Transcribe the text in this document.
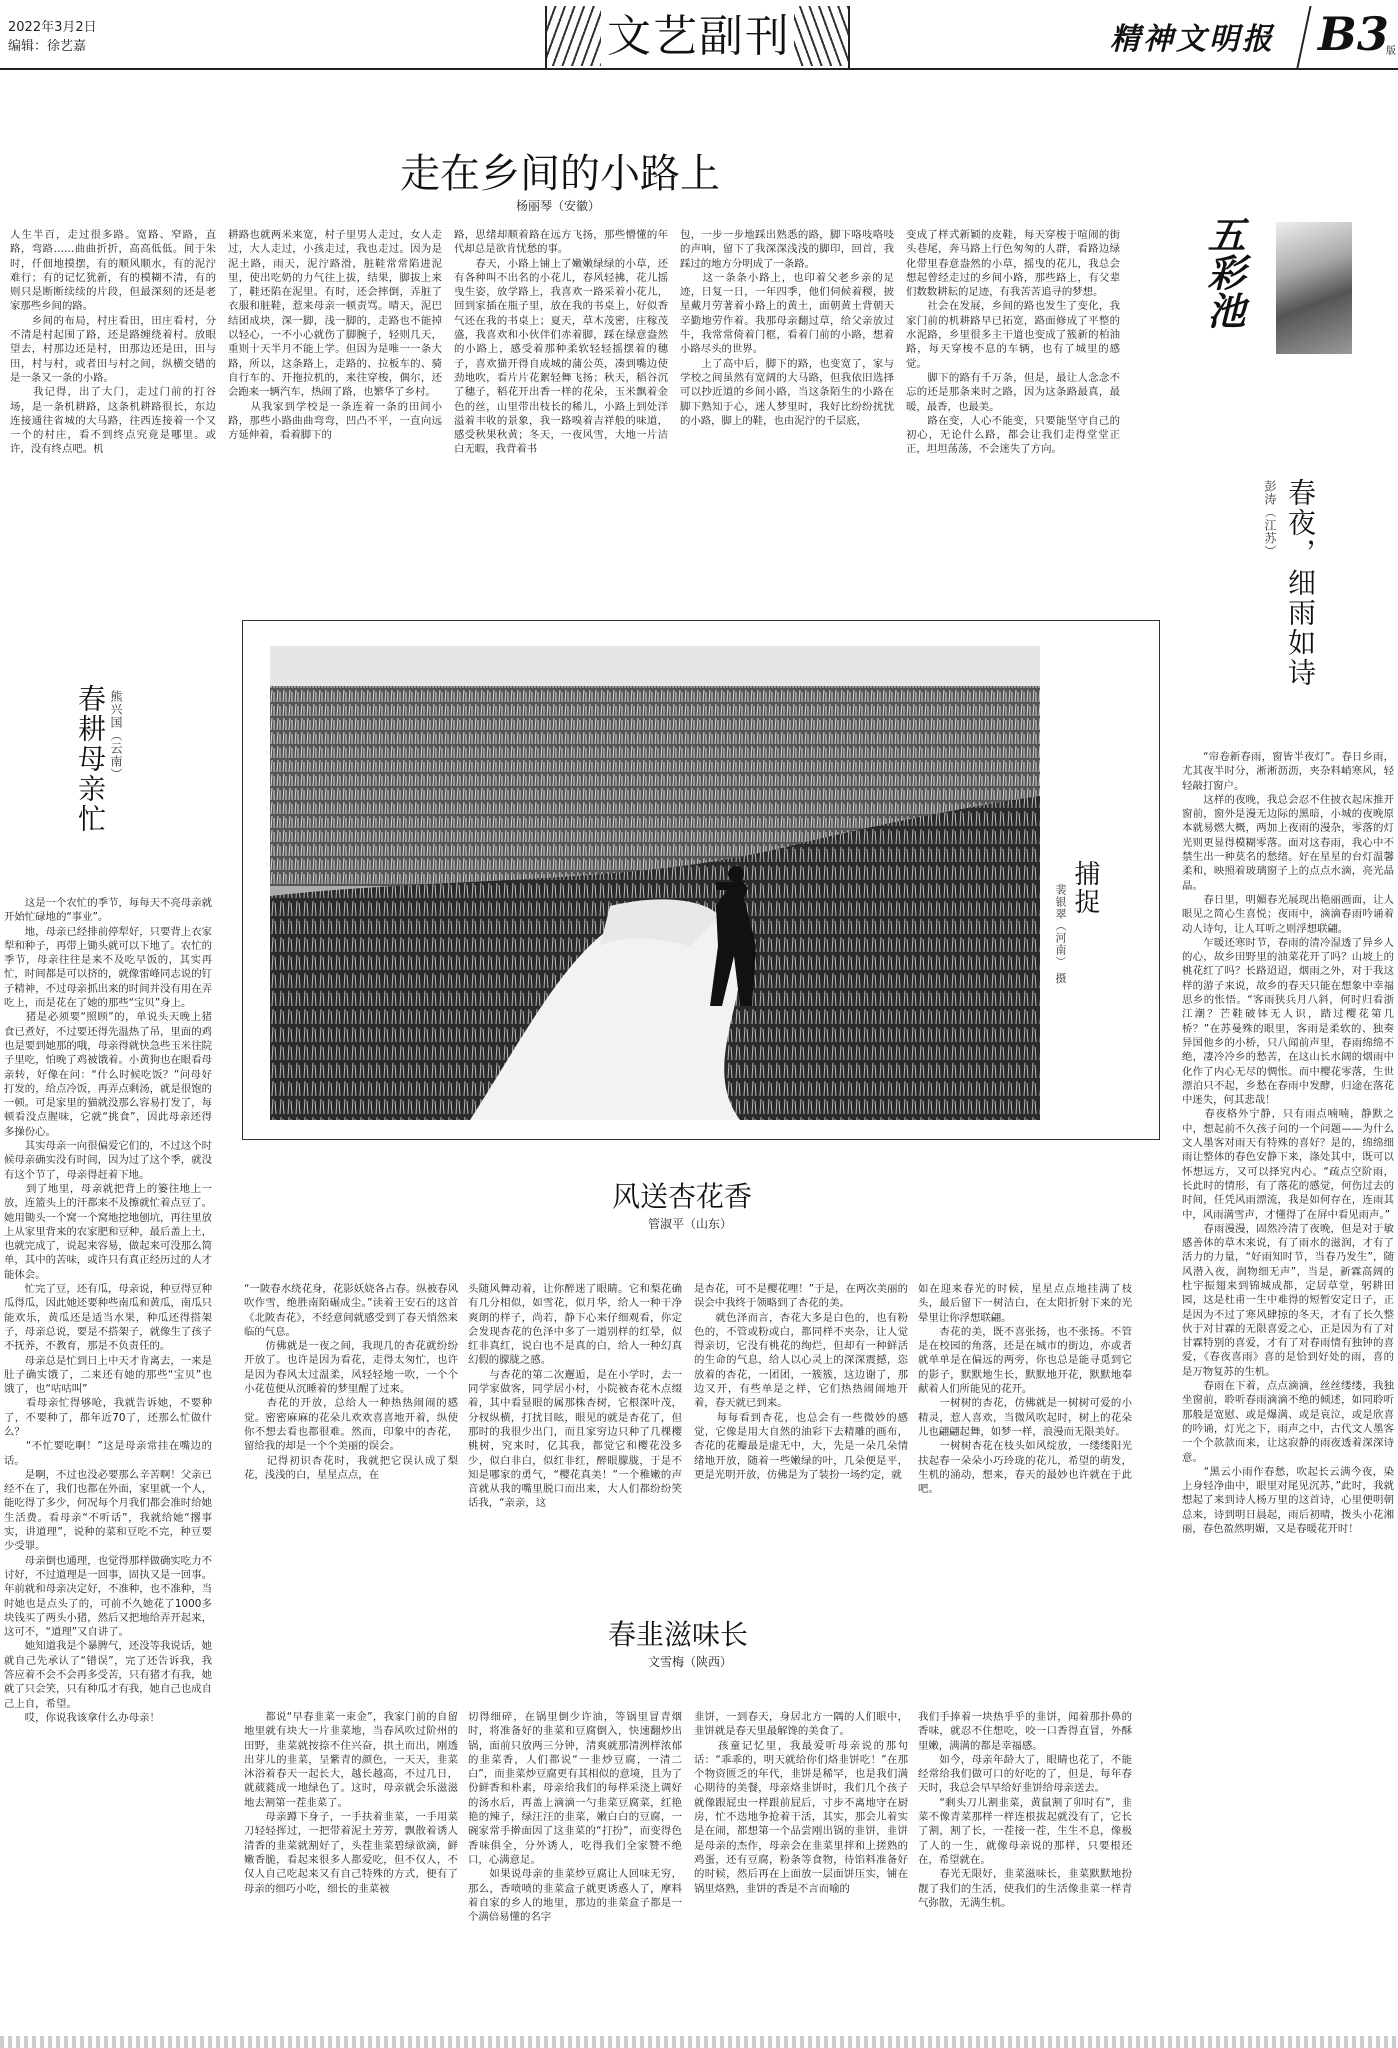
2022年3月2日
编辑：徐艺嘉	文艺副刊	精神文明报 B3
版
走在乡间的小路上
杨丽琴（安徽）
人生半百，走过很多路。宽路、窄路，直路，弯路……曲曲折折，高高低低。间于朱时，仟佃地摸摆，有的顺风顺水，有的泥泞难行；有的记忆犹新，有的模糊不清，有的则只是断断续续的片段，但最深刻的还是老家那些乡间的路。
　　乡间的布局，村庄看田，田庄看村，分不清是村起围了路，还是路缠绕着村。放眼望去，村那边还是村，田那边还是田，田与田，村与村，或者田与村之间，纵横交错的是一条又一条的小路。
　　我记得，出了大门，走过门前的打谷场，是一条机耕路，这条机耕路很长，东边连接通往省城的大马路，往西连接着一个又一个的村庄，看不到终点究竟是哪里。或许，没有终点吧。机
耕路也就两米来宽，村子里男人走过，女人走过，大人走过，小孩走过，我也走过。因为是泥土路，雨天，泥泞路滑，脏鞋常常陷进泥里，使出吃奶的力气往上拔，结果，脚拔上来了，鞋还陷在泥里。有时，还会摔倒，弄脏了衣服和脏鞋，惹来母亲一顿责骂。晴天，泥巴结团成块，深一脚，浅一脚的，走路也不能掉以轻心，一不小心就伤了脚腕子，轻则几天，重则十天半月不能上学。但因为是唯一一条大路，所以，这条路上，走路的、拉板车的、骑自行车的、开拖拉机的，来往穿梭，偶尔，还会跑来一辆汽车，热闹了路，也繁华了乡村。
　　从我家到学校是一条连着一条的田间小路，那些小路曲曲弯弯，凹凸不平，一直向远方延伸着，看着脚下的
路，思绪却顺着路在远方飞扬，那些懵懂的年代却总是欲肯忧愁的事。
　　春天，小路上铺上了嫩嫩绿绿的小草，还有各种叫不出名的小花儿，春风轻拂，花儿摇曳生姿，放学路上，我喜欢一路采着小花儿，回到家插在瓶子里，放在我的书桌上，好似香气还在我的书桌上；夏天，草木茂密，庄稼茂盛，我喜欢和小伙伴们赤着脚，踩在绿意盎然的小路上，感受着那种柔软轻轻摇摆着的穗子，喜欢猫开得自成城的蒲公英，凑到嘴边使劲地吹，看片片花絮轻舞飞扬；秋天，稻谷沉了穗子，稻花开出香一样的花朵，玉米飘着金色的丝，山里带出枝长的稀儿，小路上到处洋溢着丰收的景象，我一路嗅着吉祥般的味道，感受秋果秋黄；冬天，一夜风雪，大地一片洁白无暇，我背着书
包，一步一步地踩出熟悉的路，脚下咯吱咯吱的声响，留下了我深深浅浅的脚印，回首，我踩过的地方分明成了一条路。
　　这一条条小路上，也印着父老乡亲的足迹，日复一日，一年四季，他们伺候着稷，披星戴月劳著着小路上的黄土，面朝黄土背朝天辛勤地劳作着。我那母亲翻过草，给父亲放过牛，我常常倚着门框，看着门前的小路，想着小路尽头的世界。
　　上了高中后，脚下的路，也变宽了，家与学校之间虽然有宽阔的大马路，但我依旧选择可以抄近道的乡间小路，当这条陌生的小路在脚下熟知于心，迷人梦里时，我好比纷纷扰扰的小路，脚上的鞋，也由泥泞的千层底，
变成了样式新颖的皮鞋，每天穿梭于喧闹的街头巷尾，奔马路上行色匆匆的人群，看路边绿化带里春意盎然的小草，摇曳的花儿，我总会想起曾经走过的乡间小路，那些路上，有父辈们数数耕耘的足迹，有我苦苦追寻的梦想。
　　社会在发展，乡间的路也发生了变化，我家门前的机耕路早已拓宽，路面修成了平整的水泥路，乡里很多主干道也变成了簇新的柏油路，每天穿梭不息的车辆，也有了城里的感觉。
　　脚下的路有千万条，但是，最让人念念不忘的还是那条来时之路，因为这条路最真，最暖，最香，也最美。
　　路在变，人心不能变，只要能坚守自己的初心，无论什么路，都会让我们走得堂堂正正，坦坦荡荡，不会迷失了方向。
五彩池
春夜，细雨如诗
彭涛（江苏）
　　“帘卷新春雨，窗皆半夜灯”。春日乡雨，尤其夜半时分，淅淅沥沥，夹杂料峭寒风，轻轻敲打窗户。
　　这样的夜晚，我总会忍不住披衣起床推开窗前，窗外是漫无边际的黑暗，小城的夜晚原本就易燃大概，两加上夜雨的漫杂，零落的灯光则更显得模糊零落。面对这春雨，我心中不禁生出一种莫名的愁绪。好在星星的台灯温馨柔和，映照着玻璃窗子上的点点水滴，亮光晶晶。
　　春日里，明媚春光展现出艳丽画面，让人眼见之简心生喜悦；夜雨中，滴滴春雨吟诵着动人诗句，让人耳听之则浮想联翩。
　　乍暖还寒时节，春雨的清冷湿透了异乡人的心，故乡田野里的油菜花开了吗？山坡上的桃花红了吗？长路迢迢，烟雨之外，对于我这样的游子来说，故乡的春天只能在想象中幸福思乡的怅悟。“客雨狭兵月八斜，何时归看浙江潮？芒鞋破钵无人识，踏过樱花第几桥？”在苏曼殊的眼里，客雨是柔软的、独奏异国他乡的小桥，只八闻前声里，春雨绵绵不绝，凄冷冷乡的愁苦，在这山长水阔的烟雨中化作了内心无尽的惆怅。而中樱花零落，生世漂泊只不起，乡愁在春雨中发酵，归途在落花中迷失，何其悲哉！
　　春夜格外宁静，只有雨点喃喃，静默之中，想起前不久孩子问的一个问题——为什么文人墨客对雨天有特殊的喜好？是的，绵绵细雨让整体的春色安静下来，涤处其中，既可以怀想远方，又可以择究内心。“疏点空阶雨，长此时的情形，有了落花的感觉，何伤过去的时间，任凭风雨漂流，我是如何存在，连雨其中，风雨满雪声，才懂得了在屏中看见雨声。”
　　春雨漫漫，固然冷清了夜晚，但是对于敏感善体的草木来说，有了雨水的滋润，才有了活力的力量，“好雨知时节，当春乃发生”，随风潜入夜，润物细无声”，当是，新霖高阔的杜宇振翅来到锦城成都，定居草堂，躬耕田园，这是杜甫一生中难得的短暂安定日子，正是因为不过了寒风肆掠的冬天，才有了长久整伙于对甘霖的无限喜爱之心，正是因为有了对甘霖特别的喜爱，才有了对春雨情有独钟的喜爱，《春夜喜雨》喜的是恰到好处的雨，喜的是万物复苏的生机。
　　春雨在下着，点点滴滴，丝丝缕缕，我独坐窗前，聆听春雨滴滴不绝的倾述，如同聆听那般是宽慰、或是爆满、或是哀泣，或是欣喜的吟诵，灯光之下，雨声之中，古代文人墨客一个个款款而来，让这寂静的雨夜透着深深诗意。
　　“黑云小雨作春愁，吹起长云满今夜，染上身轻净曲中，眼里对尾见沉苏，”此时，我就想起了来到诗人杨万里的这首诗，心里便明朝总来，诗到明日晨起，雨后初晴，拨头小花湘丽，春色盈然明媚，又是春暖花开时！
捕捉
裴银翠（河南） 摄
春耕母亲忙 熊兴国（云南）
　　这是一个农忙的季节，每每天不亮母亲就开始忙碌地的“事业”。
　　地，母亲已经排前停犁好，只要背上衣家犁和种子，再带上锄头就可以下地了。农忙的季节，母亲往往是来不及吃早饭的，其实再忙，时间都是可以挤的，就像雷峰同志说的钉子精神，不过母亲抓出来的时间并没有用在弄吃上，而是花在了她的那些“宝贝”身上。
　　猪是必须要“照顾”的，单说头天晚上猪食已煮好，不过要还得先温热了吊，里面的鸡也是要到她那的哦，母亲得就快急些玉米往院子里吃，怕晚了鸡被饿着。小黄狗也在眼看母亲转，好像在问：“什么时候吃饭？”问母好打发的，给点冷饭，再弄点剩汤，就是很饱的一顿。可是家里的猫就没那么容易打发了，每顿看没点腥味，它就“挑食”，因此母亲还得多操份心。
　　其实母亲一向很偏爱它们的，不过这个时候母亲确实没有时间，因为过了这个季，就没有这个节了，母亲得赶着下地。
　　到了地里，母亲就把背上的篓往地上一放，连篮头上的汗都来不及擦就忙着点豆了。她用锄头一个窝一个窝地挖地刨坑，再往里放上从家里背来的农家肥和豆种，最后盖上土，也就完成了，说起来容易，做起来可没那么简单，其中的苦味，或许只有真正经历过的人才能体会。
　　忙完了豆，还有瓜，母亲说，种豆得豆种瓜得瓜，因此她还要种些南瓜和黄瓜，南瓜只能欢乐，黄瓜还是适当水果，种瓜还得搭架子，母亲总说，要是不搭架子，就像生了孩子不抚养，不教育，那是不负责任的。
　　母亲总是忙到日上中天才肯离去，一来是肚子确实饿了，二来还有她的那些“宝贝”也饿了，也“咕咕叫”
　　看母亲忙得够呛，我就告诉她，不要种了，不要种了，都年近70了，还那么忙做什么？
　　“不忙要吃啊！”这是母亲常挂在嘴边的话。
　　是啊，不过也没必要那么辛苦啊！父亲已经不在了，我们也都在外面，家里就一个人，能吃得了多少，何况每个月我们都会准时给她生活费。看母亲“不听话”，我就给她“撂事实，讲道理”，说种的菜和豆吃不完，种豆要少受罪。
　　母亲倒也通理，也觉得那样做确实吃力不讨好，不过道理是一回事，固执又是一回事。年前就和母亲决定好，不准种，也不准种，当时她也是点头了的，可前不久她花了1000多块钱买了两头小猪，然后又把地给弄开起来，这可不，“道理”又自讲了。
　　她知道我是个暴脾气，还没等我说话，她就自己先承认了“错误”，完了还告诉我，我答应着不会不会再多受苦，只有猪才有我，她就了只会笑，只有种瓜才有我，她自己也成自己上自，希望。
　　哎，你说我该拿什么办母亲！
风送杏花香
管淑平（山东）
“一陂春水绕花身，花影妖娆各占春。纵被春风吹作雪，绝胜南陌碾成尘。”读着王安石的这首《北陂杏花》，不经意间就感受到了春天悄然来临的气息。
　　仿佛就是一夜之间，我现几的杏花就纷纷开放了。也许是因为看花，走得太匆忙，也许是因为春风太过温柔，风轻轻地一吹，一个个小花苞便从沉睡着的梦里醒了过来。
　　杏花的开放，总给人一种热热闹闹的感觉。密密麻麻的花朵儿欢欢喜喜地开着，纵使你不想去看也都很难。然而，印象中的杏花，留给我的却是一个个美丽的误会。
　　记得初识杏花时，我就把它误认成了梨花，浅浅的白，星星点点，在
头随风舞动着，让你醉迷了眼睛。它和梨花确有几分相似，如雪花，似月华，给人一种干净爽朗的样子，尚若，静下心来仔细观看，你定会发现杏花的色泽中多了一道别样的红晕，似红非真红，说白也不是真的白，给人一种幻真幻假的朦胧之感。
　　与杏花的第二次邂逅，是在小学时，去一同学家做客，同学居小村，小院被杏花木点缀着，其中看显眼的属那株杏树，它根深叶茂，分杈纵横，打扰目眩，眼见的就是杏花了，但那时的我很少出门，而且家穷边只种了几棵樱桃树，究来时，亿其我，都觉它和樱花没多少，似白非白，似红非红，醉眼朦胧，于是不知是哪家的勇气，“樱花真美！”一个稚嫩的声音就从我的嘴里脱口而出来，大人们都纷纷笑话我，“亲亲，这
是杏花，可不是樱花哩！”于是，在两次美丽的误会中我终于领略到了杏花的美。
　　就色泽而言，杏花大多是白色的，也有粉色的，不管或粉或白，都同样不夹杂，让人觉得亲切，它没有桃花的绚烂，但却有一种鲜活的生命的气息，给人以心灵上的深深震撼，恣放着的杏花，一团团，一簇簇，这边谢了，那边又开，有些单是之样，它们热热闹闹地开着，春天就已到来。
　　每每看到杏花，也总会有一些微妙的感觉，它像是用大自然的油彩下去精雕的画布，杏花的花瓣最是虚无中，大，先是一朵几朵情绪地开放，随着一些嫩绿的叶，几朵便是平，更是光明开放，仿佛是为了装扮一场约定，就
如在迎来春光的时候，星星点点地挂满了枝头，最后留下一树洁白，在太阳折射下来的光晕里让你浮想联翩。
　　杏花的美，既不喜张扬，也不张扬。不管是在校园的角落，还是在城市的街边，亦或者就单单是在偏远的两旁，你也总是能寻觅到它的影子，默默地生长，默默地开花，默默地奉献着人们所能见的花开。
　　一树树的杏花，仿佛就是一树树可爱的小精灵，惹人喜欢，当微风吹起时，树上的花朵儿也翩翩起舞，如梦一样，浪漫而无限美好。
　　一树树杏花在枝头如风绽放，一缕缕阳光扶起春一朵朵小巧玲珑的花儿，希望的萌发，生机的涌动，想来，春天的最妙也许就在于此吧。
春韭滋味长
文雪梅（陕西）
　　都说“早春韭菜一束金”，我家门前的自留地里就有块大一片韭菜地，当春风吹过阶州的田野，韭菜就按捺不住兴奋，拱土而出，刚透出芽儿的韭菜，呈紫青的颜色，一天天，韭菜沐浴着春天一起长大，越长越高，不过几日，就葳蕤成一地绿色了。这时，母亲就会乐滋滋地去割第一茬韭菜了。
　　母亲蹲下身子，一手扶着韭菜，一手用菜刀轻轻挥过，一把带着泥土芳芳，飘散着诱人清香的韭菜就割好了，头茬韭菜碧绿欲滴，鲜嫩香脆，看起来很多人都爱吃，但不仅人，不仅人自己吃起来又有自己特殊的方式，便有了母亲的细巧小吃，细长的韭菜被
切得细碎，在锅里倒少许油，等锅里冒青烟时，将准备好的韭菜和豆腐倒入，快速翻炒出锅，面前只放两三分钟，清爽就那清洌样浓郁的韭菜香，人们都说“一韭炒豆腐，一清二白”，而韭菜炒豆腐更有其相似的意境，且为了份鲜香和朴素，母亲给我们的每样采浇上调好的汤水后，再盖上滴滴一勺韭菜豆腐菜，红艳艳的辣子，绿汪汪的韭菜，嫩白白的豆腐，一碗家常手擀面因了这韭菜的“打扮”，而变得色香味俱全，分外诱人，吃得我们全家赞不绝口，心满意足。
　　如果说母亲的韭菜炒豆腐让人回味无穷，那么，香喷喷的韭菜盒子就更诱惑人了，摩料着自家的乡人的地里，那边的韭菜盒子都是一个满倍易懂的名字
韭饼，一到春天，身居北方一隅的人们眼中，韭饼就是春天里最解馋的美食了。
　　孩童记忆里，我最爱听母亲说的那句话：“乖乖的，明天就给你们烙韭饼吃！”在那个物资匮乏的年代，韭饼是稀罕，也是我们满心期待的美餐，母亲烙韭饼时，我们几个孩子就像跟屁虫一样跟前屁后，寸步不离地守在厨房，忙不迭地争抢着干活，其实，那会儿着实是在闹，都想第一个品尝刚出锅的韭饼，韭饼是母亲的杰作，母亲会在韭菜里拌和上搓熟的鸡蛋，还有豆腐，粉条等食物，待馅料准备好的时候，然后再在上面放一层面饼压实，铺在锅里烙熟，韭饼的香是不言而喻的
我们手捧着一块热乎乎的韭饼，闻着那扑鼻的香味，就忍不住想吃，咬一口香得直冒，外酥里嫩，满满的都是幸福感。
　　如今，母亲年龄大了，眼睛也花了，不能经常给我们做可口的好吃的了，但是，每年春天时，我总会早早给好韭饼给母亲送去。
　　“剩头刀儿割韭菜，黄鼠割了卯时有”，韭菜不像青菜那样一样连根拔起就没有了，它长了割，割了长，一茬接一茬，生生不息，像极了人的一生，就像母亲说的那样，只要根还在，希望就在。
　　春光无限好，韭菜滋味长，韭菜默默地扮靓了我们的生活，使我们的生活像韭菜一样青气弥散，无满生机。
